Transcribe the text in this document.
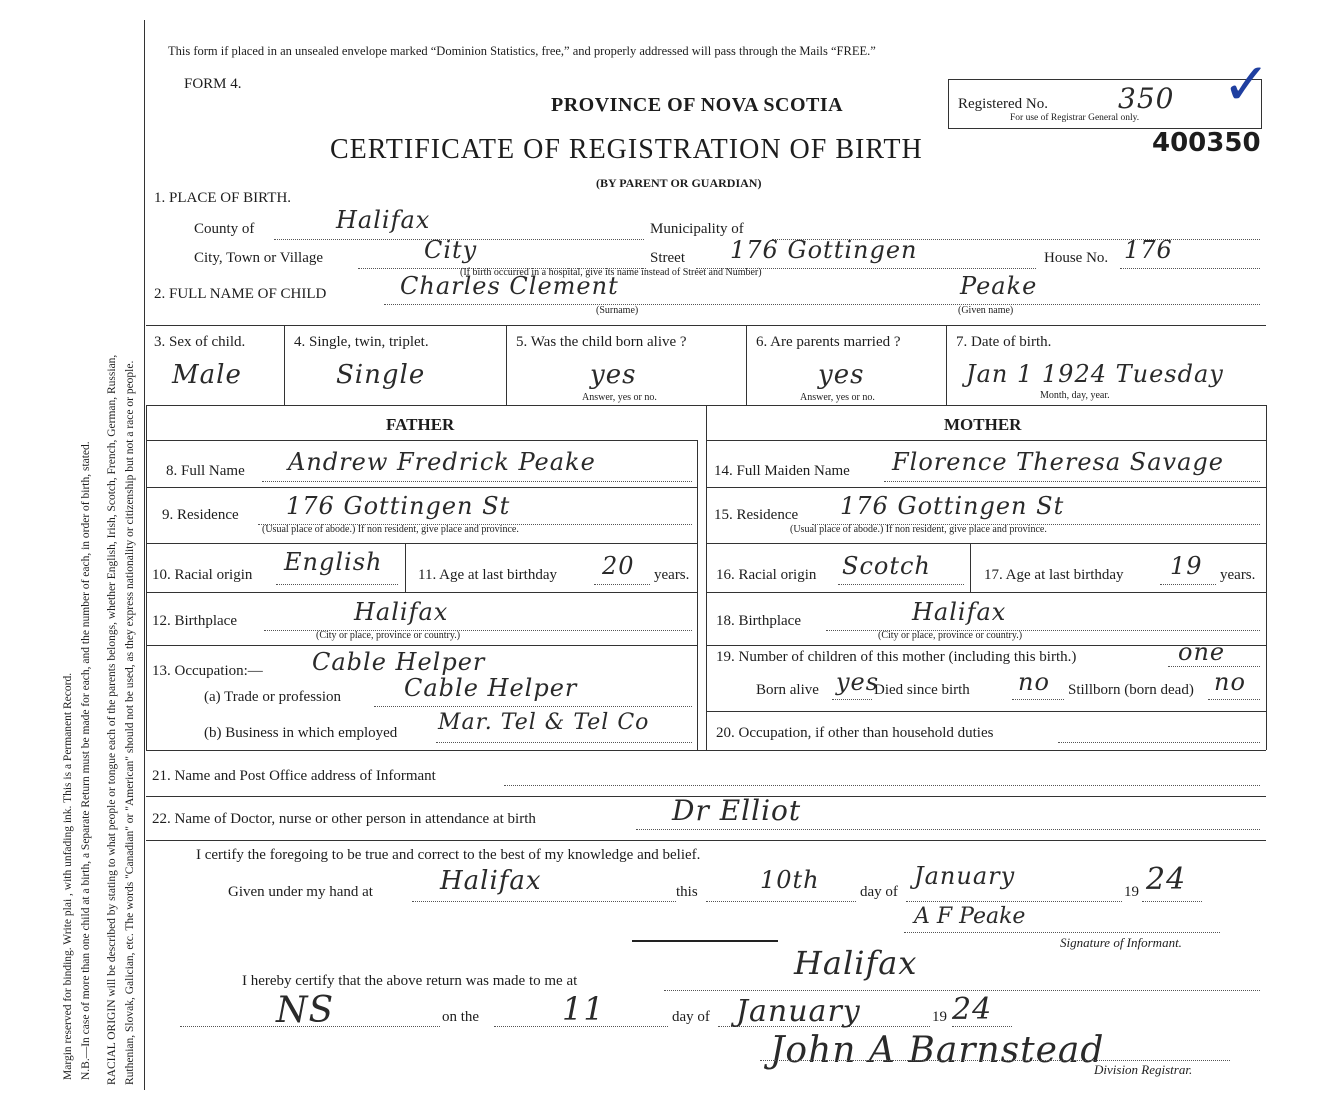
Margin reserved for binding. Write plai , with unfading ink. This is a Permanent Record. N.B.—In case of more than one child at a birth, a Separate Return must be made for each, and the number of each, in order of birth, stated. RACIAL ORIGIN will be described by stating to what people or tongue each of the parents belongs, whether English, Irish, Scotch, French, German, Russian, Ruthenian, Slovak, Galician, etc. The words "Canadian" or "American" should not be used, as they express nationality or citizenship but not a race or people.
This form if placed in an unsealed envelope marked “Dominion Statistics, free,” and properly addressed will pass through the Mails “FREE.”
FORM 4.
PROVINCE OF NOVA SCOTIA
CERTIFICATE OF REGISTRATION OF BIRTH
(BY PARENT OR GUARDIAN)
Registered No.	350
For use of Registrar General only.
400350
✓
1. PLACE OF BIRTH.
County of	Halifax	Municipality of
City, Town or Village	City	Street 176 Gottingen	House No. 176
(If birth occurred in a hospital, give its name instead of Street and Number)
2. FULL NAME OF CHILD	Charles Clement	Peake
(Surname)	(Given name)
3. Sex of child.
Male
4. Single, twin, triplet.
Single
5. Was the child born alive ?
yes
Answer, yes or no.
6. Are parents married ?
yes
Answer, yes or no.
7. Date of birth.
Jan 1 1924 Tuesday
Month, day, year.
FATHER	MOTHER
8. Full Name Andrew Fredrick Peake
9. Residence 176 Gottingen St
(Usual place of abode.) If non resident, give place and province.
10. Racial origin English 11. Age at last birthday 20 years.
12. Birthplace	Halifax
(City or place, province or country.)
13. Occupation:— Cable Helper
(a) Trade or profession	Cable Helper
(b) Business in which employed Mar. Tel & Tel Co
14. Full Maiden Name Florence Theresa Savage
15. Residence 176 Gottingen St
(Usual place of abode.) If non resident, give place and province.
16. Racial origin Scotch	17. Age at last birthday 19 years.
18. Birthplace	Halifax
(City or place, province or country.)
19. Number of children of this mother (including this birth.)	one
Born alive yes
Died since birth no Stillborn (born dead) no
20. Occupation, if other than household duties
21. Name and Post Office address of Informant
22. Name of Doctor, nurse or other person in attendance at birth	Dr Elliot
I certify the foregoing to be true and correct to the best of my knowledge and belief.
Given under my hand at	Halifax	this	10th	day of
January
19 24
A F Peake
Signature of Informant.
I hereby certify that the above return was made to me at	Halifax
NS	on the	11	day of January	19 24
John A Barnstead
Division Registrar.
